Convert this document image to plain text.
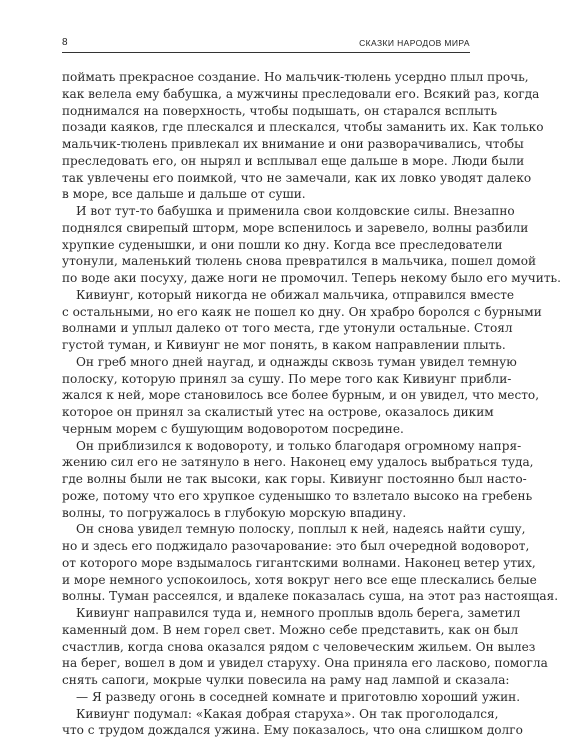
8	СКАЗКИ НАРОДОВ МИРА
поймать прекрасное создание. Но мальчик-тюлень усердно плыл прочь,
как велела ему бабушка, а мужчины преследовали его. Всякий раз, когда
поднимался на поверхность, чтобы подышать, он старался всплыть
позади каяков, где плескался и плескался, чтобы заманить их. Как только
мальчик-тюлень привлекал их внимание и они разворачивались, чтобы
преследовать его, он нырял и всплывал еще дальше в море. Люди были
так увлечены его поимкой, что не замечали, как их ловко уводят далеко
в море, все дальше и дальше от суши.
И вот тут-то бабушка и применила свои колдовские силы. Внезапно
поднялся свирепый шторм, море вспенилось и заревело, волны разбили
хрупкие суденышки, и они пошли ко дну. Когда все преследователи
утонули, маленький тюлень снова превратился в мальчика, пошел домой
по воде аки посуху, даже ноги не промочил. Теперь некому было его мучить.
Кивиунг, который никогда не обижал мальчика, отправился вместе
с остальными, но его каяк не пошел ко дну. Он храбро боролся с бурными
волнами и уплыл далеко от того места, где утонули остальные. Стоял
густой туман, и Кивиунг не мог понять, в каком направлении плыть.
Он греб много дней наугад, и однажды сквозь туман увидел темную
полоску, которую принял за сушу. По мере того как Кивиунг прибли-
жался к ней, море становилось все более бурным, и он увидел, что место,
которое он принял за скалистый утес на острове, оказалось диким
черным морем с бушующим водоворотом посредине.
Он приблизился к водовороту, и только благодаря огромному напря-
жению сил его не затянуло в него. Наконец ему удалось выбраться туда,
где волны были не так высоки, как горы. Кивиунг постоянно был насто-
роже, потому что его хрупкое суденышко то взлетало высоко на гребень
волны, то погружалось в глубокую морскую впадину.
Он снова увидел темную полоску, поплыл к ней, надеясь найти сушу,
но и здесь его поджидало разочарование: это был очередной водоворот,
от которого море вздымалось гигантскими волнами. Наконец ветер утих,
и море немного успокоилось, хотя вокруг него все еще плескались белые
волны. Туман рассеялся, и вдалеке показалась суша, на этот раз настоящая.
Кивиунг направился туда и, немного проплыв вдоль берега, заметил
каменный дом. В нем горел свет. Можно себе представить, как он был
счастлив, когда снова оказался рядом с человеческим жильем. Он вылез
на берег, вошел в дом и увидел старуху. Она приняла его ласково, помогла
снять сапоги, мокрые чулки повесила на раму над лампой и сказала:
— Я разведу огонь в соседней комнате и приготовлю хороший ужин.
Кивиунг подумал: «Какая добрая старуха». Он так проголодался,
что с трудом дождался ужина. Ему показалось, что она слишком долго
